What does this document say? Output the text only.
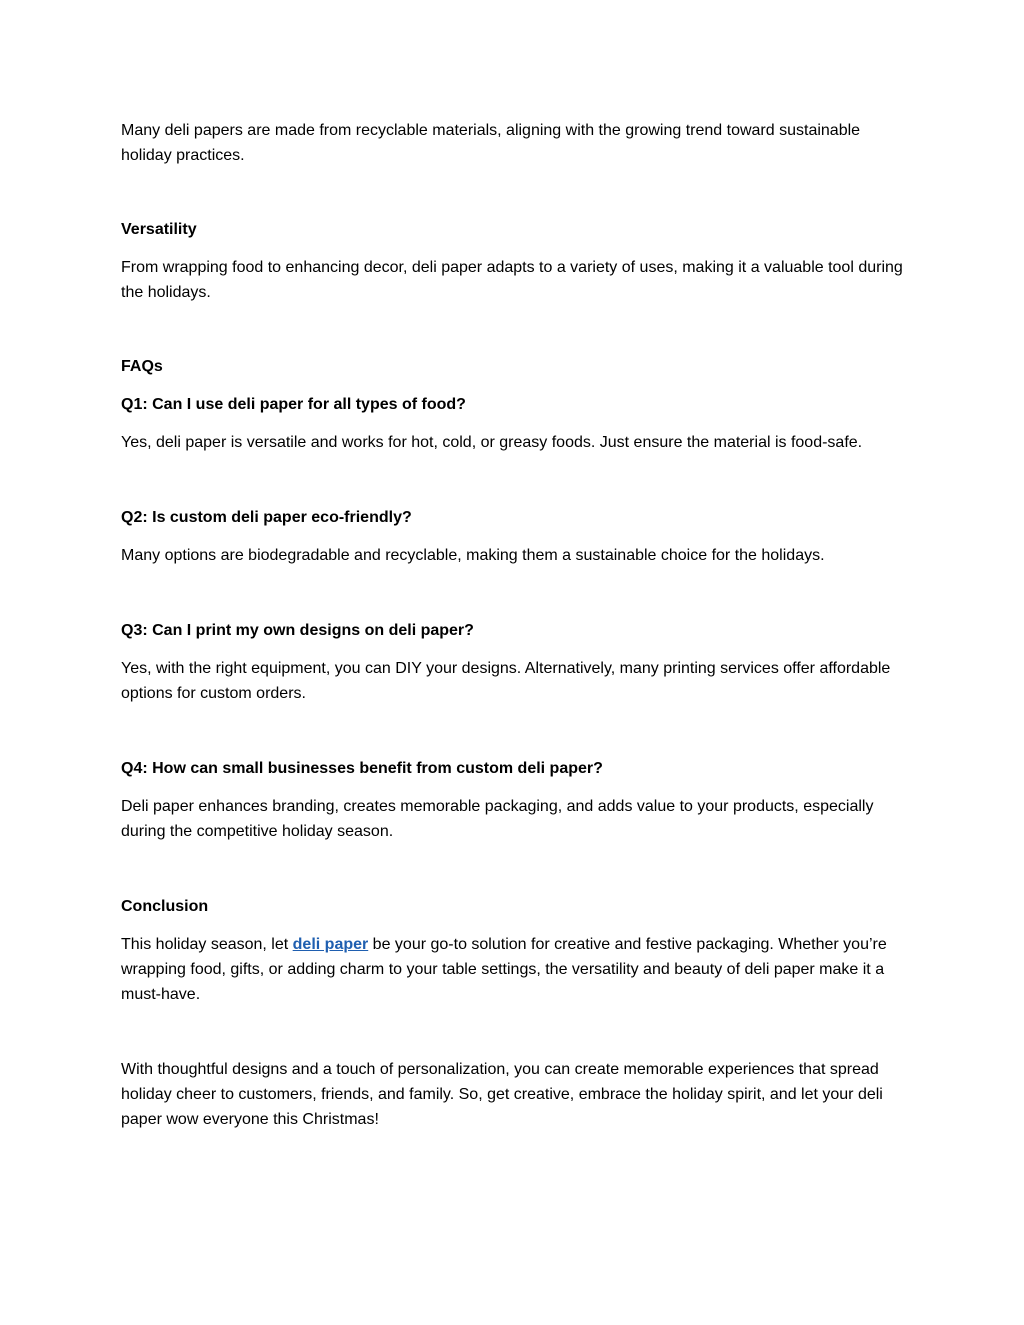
Many deli papers are made from recyclable materials, aligning with the growing trend toward sustainable holiday practices.

Versatility

From wrapping food to enhancing decor, deli paper adapts to a variety of uses, making it a valuable tool during the holidays.

FAQs

Q1: Can I use deli paper for all types of food?

Yes, deli paper is versatile and works for hot, cold, or greasy foods. Just ensure the material is food-safe.

Q2: Is custom deli paper eco-friendly?

Many options are biodegradable and recyclable, making them a sustainable choice for the holidays.

Q3: Can I print my own designs on deli paper?

Yes, with the right equipment, you can DIY your designs. Alternatively, many printing services offer affordable options for custom orders.

Q4: How can small businesses benefit from custom deli paper?

Deli paper enhances branding, creates memorable packaging, and adds value to your products, especially during the competitive holiday season.

Conclusion

This holiday season, let deli paper be your go-to solution for creative and festive packaging. Whether you’re wrapping food, gifts, or adding charm to your table settings, the versatility and beauty of deli paper make it a must-have.

With thoughtful designs and a touch of personalization, you can create memorable experiences that spread holiday cheer to customers, friends, and family. So, get creative, embrace the holiday spirit, and let your deli paper wow everyone this Christmas!
